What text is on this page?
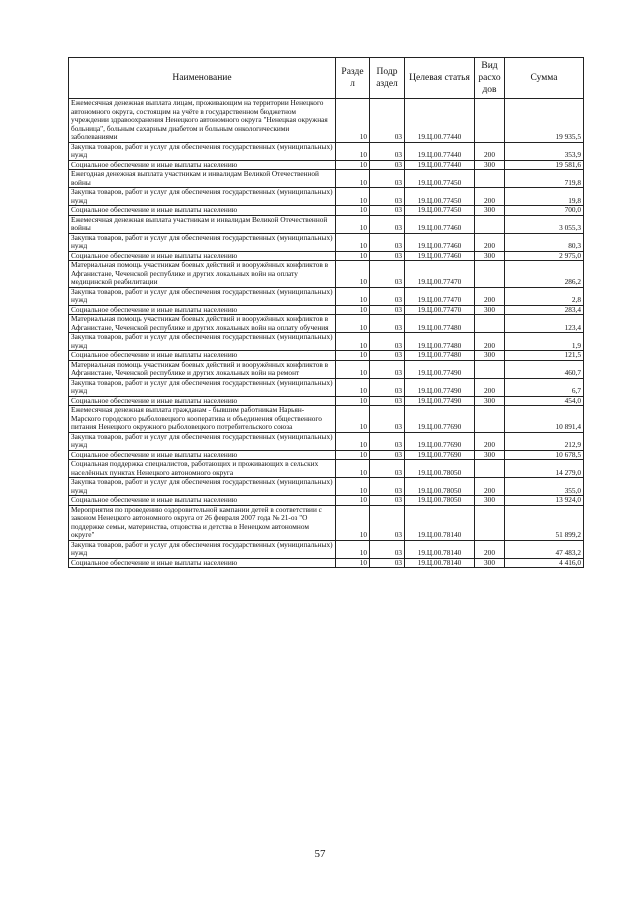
Наименование	Разде л	Подр аздел	Целевая статья	Вид расхо дов	Сумма
Ежемесячная денежная выплата лицам, проживающим на территории Ненецкого автономного округа, состоящим на учёте в государственном бюджетном учреждении здравоохранения Ненецкого автономного округа "Ненецкая окружная больница", больным сахарным диабетом и больным онкологическими заболеваниями	10	03	19.Ц.00.77440		19 935,5
Закупка товаров, работ и услуг для обеспечения государственных (муниципальных) нужд	10	03	19.Ц.00.77440	200	353,9
Социальное обеспечение и иные выплаты населению	10	03	19.Ц.00.77440	300	19 581,6
Ежегодная денежная выплата участникам и инвалидам Великой Отечественной войны	10	03	19.Ц.00.77450		719,8
Закупка товаров, работ и услуг для обеспечения государственных (муниципальных) нужд	10	03	19.Ц.00.77450	200	19,8
Социальное обеспечение и иные выплаты населению	10	03	19.Ц.00.77450	300	700,0
Ежемесячная денежная выплата участникам и инвалидам Великой Отечественной войны	10	03	19.Ц.00.77460		3 055,3
Закупка товаров, работ и услуг для обеспечения государственных (муниципальных) нужд	10	03	19.Ц.00.77460	200	80,3
Социальное обеспечение и иные выплаты населению	10	03	19.Ц.00.77460	300	2 975,0
Материальная помощь участникам боевых действий и вооружённых конфликтов в Афганистане, Чеченской республике и других локальных войн на оплату медицинской реабилитации	10	03	19.Ц.00.77470		286,2
Закупка товаров, работ и услуг для обеспечения государственных (муниципальных) нужд	10	03	19.Ц.00.77470	200	2,8
Социальное обеспечение и иные выплаты населению	10	03	19.Ц.00.77470	300	283,4
Материальная помощь участникам боевых действий и вооружённых конфликтов в Афганистане, Чеченской республике и других локальных войн на оплату обучения	10	03	19.Ц.00.77480		123,4
Закупка товаров, работ и услуг для обеспечения государственных (муниципальных) нужд	10	03	19.Ц.00.77480	200	1,9
Социальное обеспечение и иные выплаты населению	10	03	19.Ц.00.77480	300	121,5
Материальная помощь участникам боевых действий и вооружённых конфликтов в Афганистане, Чеченской республике и других локальных войн на ремонт	10	03	19.Ц.00.77490		460,7
Закупка товаров, работ и услуг для обеспечения государственных (муниципальных) нужд	10	03	19.Ц.00.77490	200	6,7
Социальное обеспечение и иные выплаты населению	10	03	19.Ц.00.77490	300	454,0
Ежемесячная денежная выплата гражданам - бывшим работникам Нарьян-Марского городского рыболовецкого кооператива и объединения общественного питания Ненецкого окружного рыболовецкого потребительского союза	10	03	19.Ц.00.77690		10 891,4
Закупка товаров, работ и услуг для обеспечения государственных (муниципальных) нужд	10	03	19.Ц.00.77690	200	212,9
Социальное обеспечение и иные выплаты населению	10	03	19.Ц.00.77690	300	10 678,5
Социальная поддержка специалистов, работающих и проживающих в сельских населённых пунктах Ненецкого автономного округа	10	03	19.Ц.00.78050		14 279,0
Закупка товаров, работ и услуг для обеспечения государственных (муниципальных) нужд	10	03	19.Ц.00.78050	200	355,0
Социальное обеспечение и иные выплаты населению	10	03	19.Ц.00.78050	300	13 924,0
Мероприятия по проведению оздоровительной кампании детей в соответствии с законом Ненецкого автономного округа от 26 февраля 2007 года № 21-оз "О поддержке семьи, материнства, отцовства и детства в Ненецком автономном округе"	10	03	19.Ц.00.78140		51 899,2
Закупка товаров, работ и услуг для обеспечения государственных (муниципальных) нужд	10	03	19.Ц.00.78140	200	47 483,2
Социальное обеспечение и иные выплаты населению	10	03	19.Ц.00.78140	300	4 416,0
57
